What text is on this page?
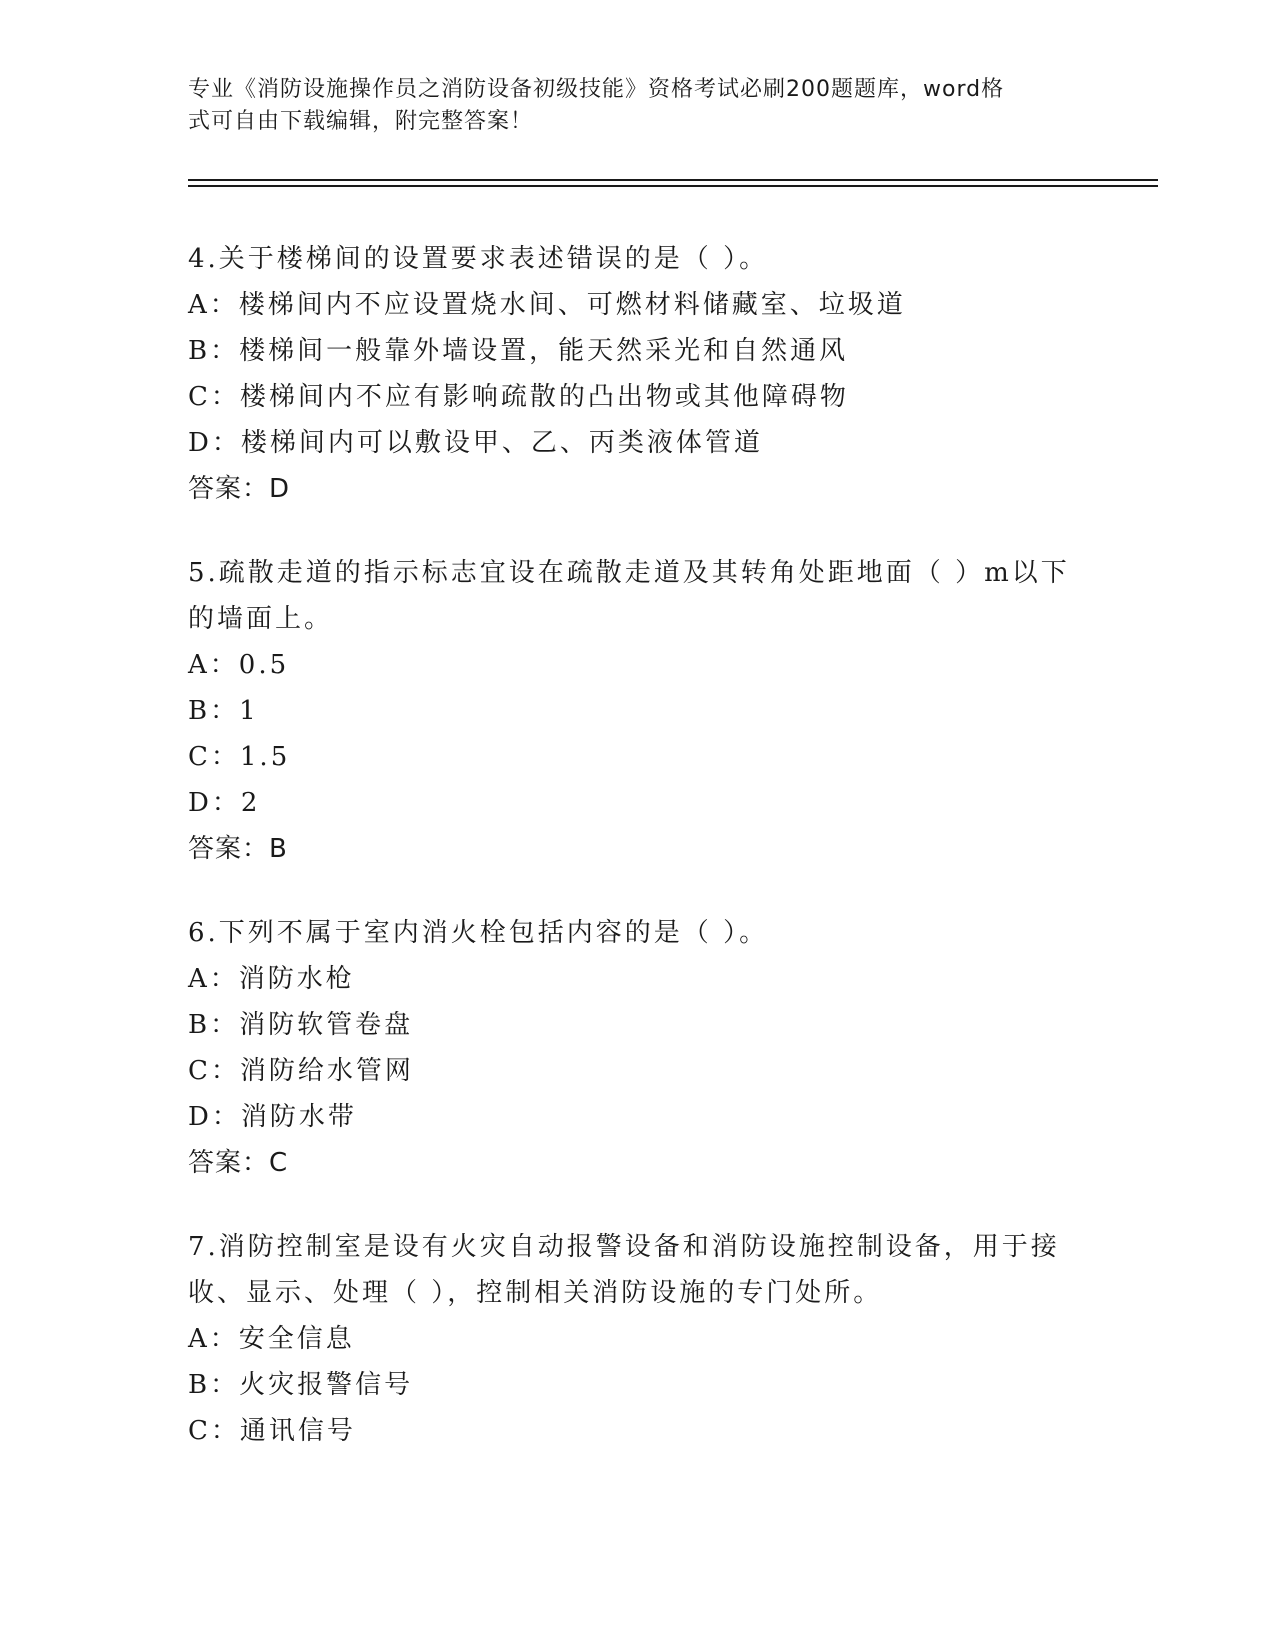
专业《消防设施操作员之消防设备初级技能》资格考试必刷200题题库，word格
式可自由下载编辑，附完整答案！
4.关于楼梯间的设置要求表述错误的是（ ）。
A：楼梯间内不应设置烧水间、可燃材料储藏室、垃圾道
B：楼梯间一般靠外墙设置，能天然采光和自然通风
C：楼梯间内不应有影响疏散的凸出物或其他障碍物
D：楼梯间内可以敷设甲、乙、丙类液体管道
答案：D
5.疏散走道的指示标志宜设在疏散走道及其转角处距地面（ ）m以下
的墙面上。
A：0.5
B：1
C：1.5
D：2
答案：B
6.下列不属于室内消火栓包括内容的是（ ）。
A：消防水枪
B：消防软管卷盘
C：消防给水管网
D：消防水带
答案：C
7.消防控制室是设有火灾自动报警设备和消防设施控制设备，用于接
收、显示、处理（ ），控制相关消防设施的专门处所。
A：安全信息
B：火灾报警信号
C：通讯信号
